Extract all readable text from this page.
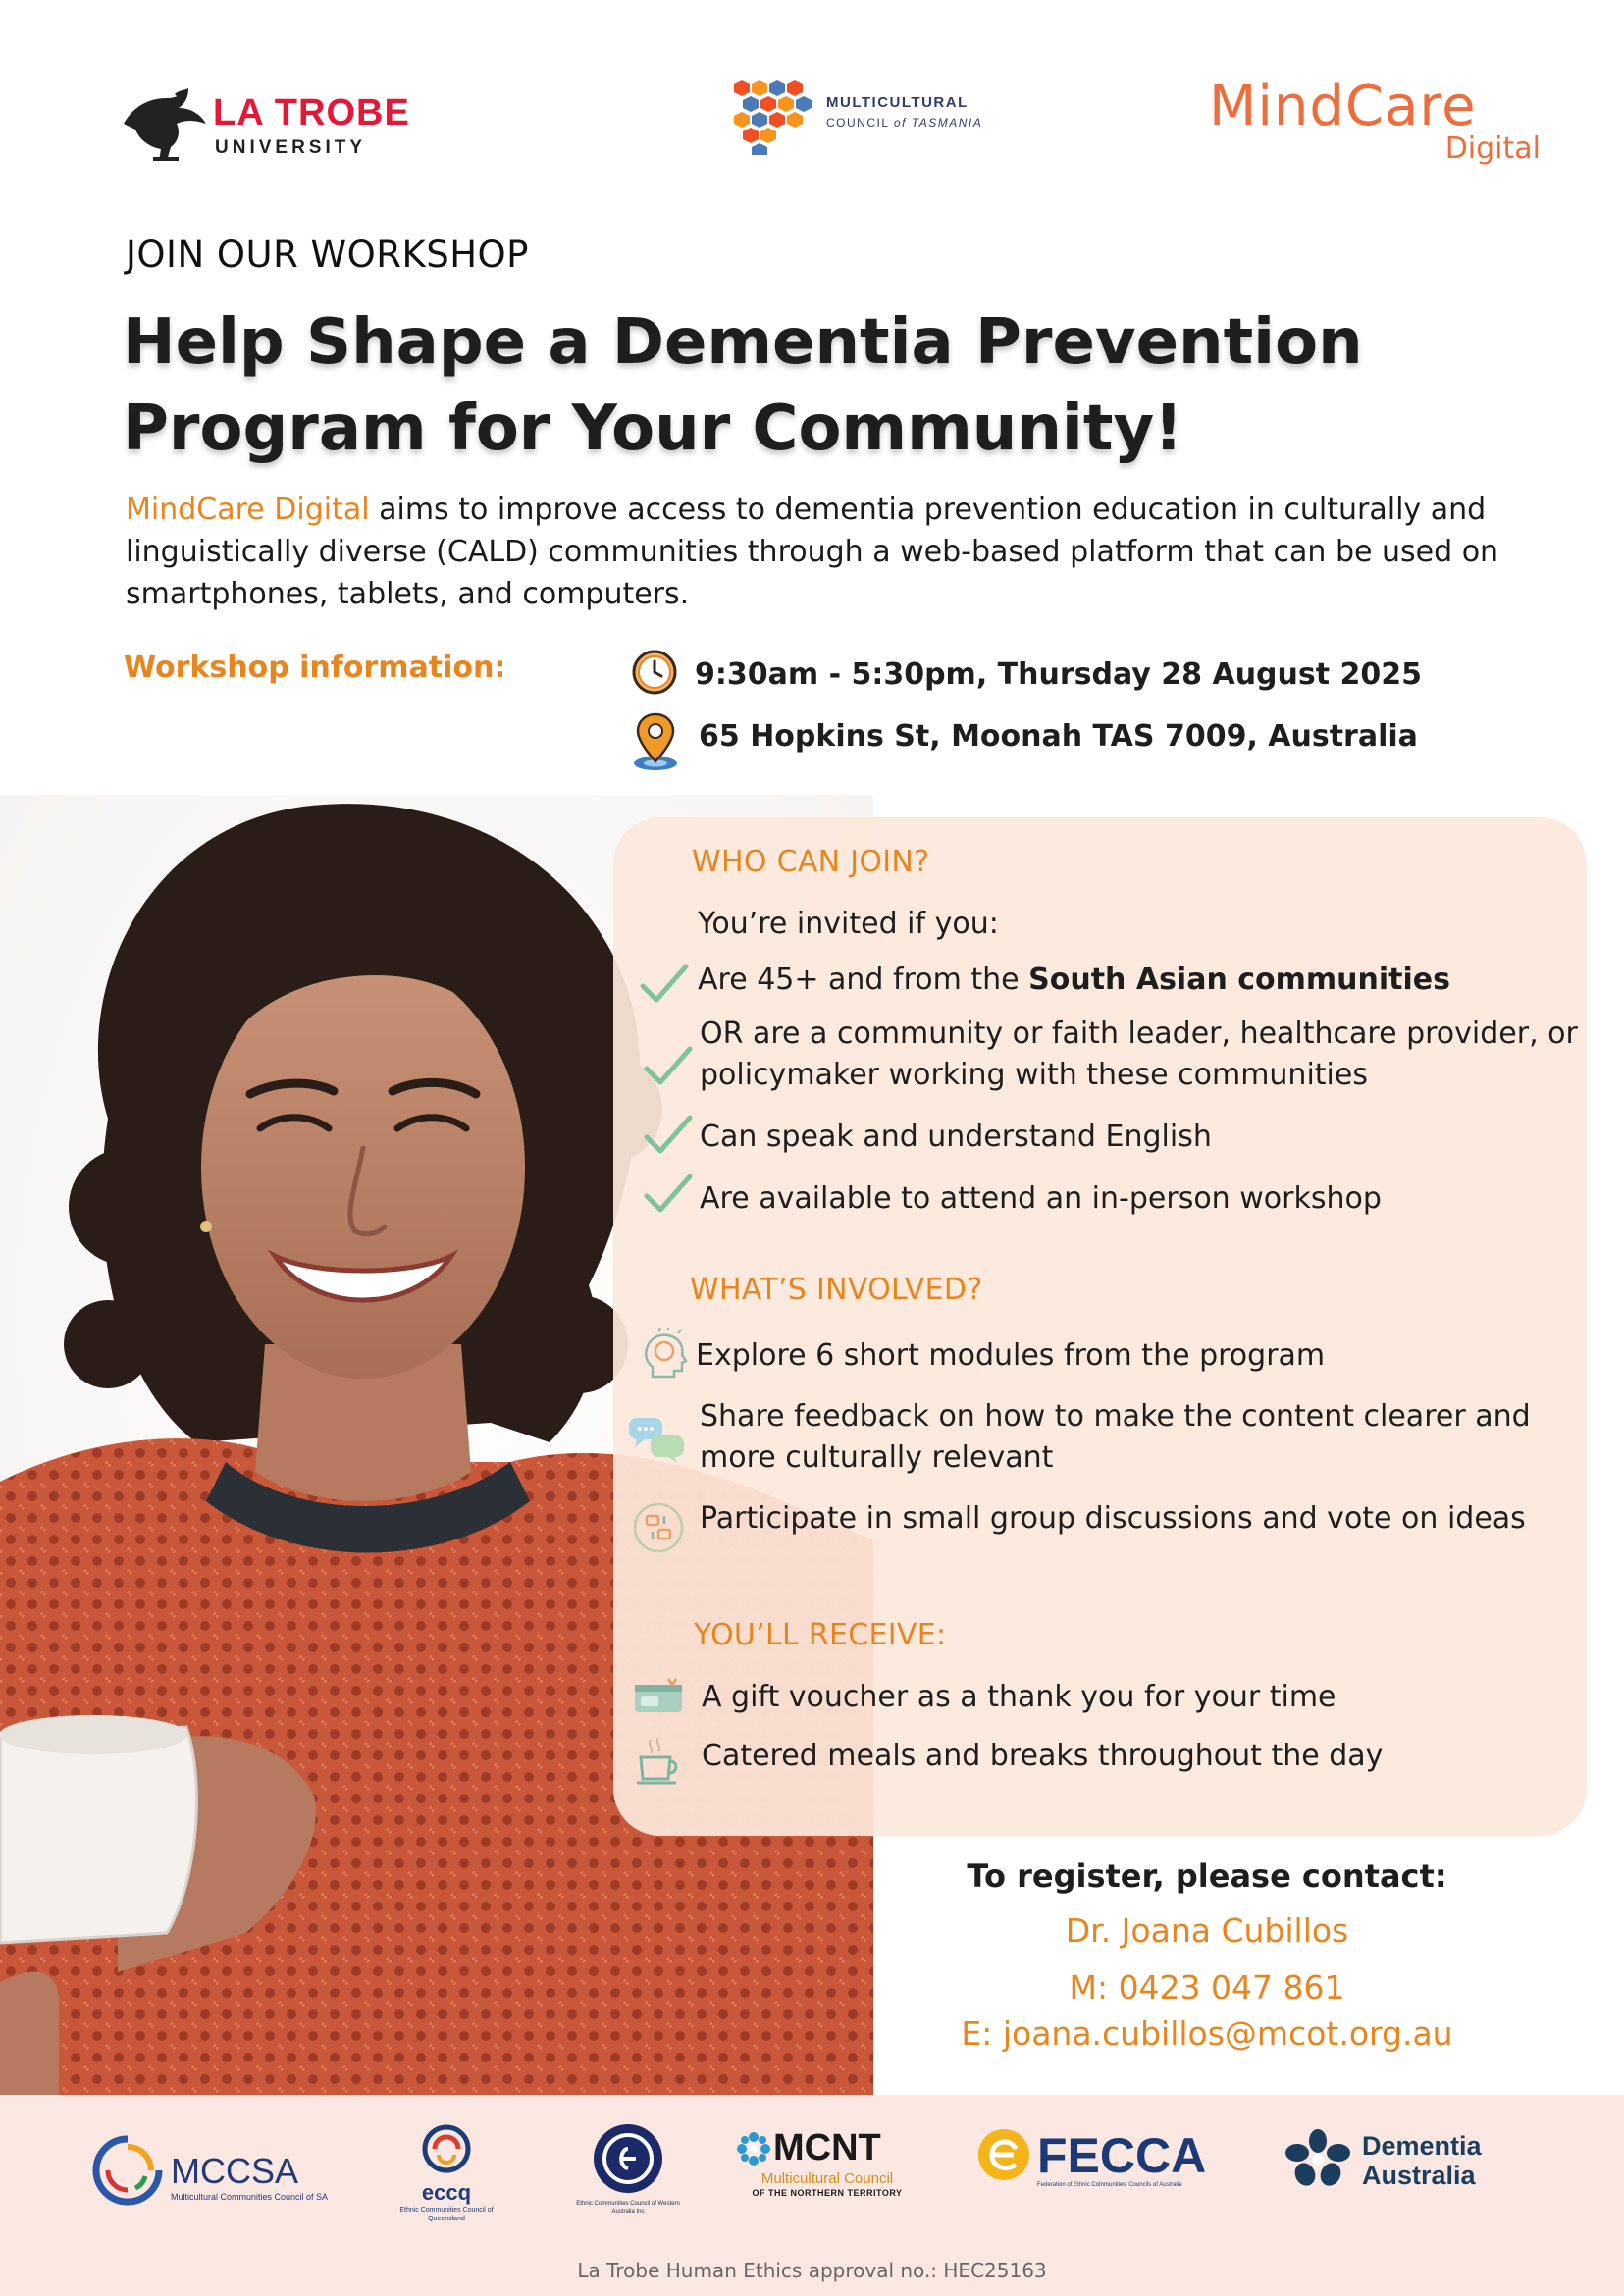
LA TROBE
UNIVERSITY
MULTICULTURAL
COUNCIL of TASMANIA	MindCare
Digital
JOIN OUR WORKSHOP
Help Shape a Dementia Prevention
Program for Your Community!
MindCare Digital aims to improve access to dementia prevention education in culturally and linguistically diverse (CALD) communities through a web-based platform that can be used on smartphones, tablets, and computers.
Workshop information:	9:30am - 5:30pm, Thursday 28 August 2025
65 Hopkins St, Moonah TAS 7009, Australia
WHO CAN JOIN?
You’re invited if you:
Are 45+ and from the South Asian communities
OR are a community or faith leader, healthcare provider, or policymaker working with these communities
Can speak and understand English
Are available to attend an in-person workshop
WHAT’S INVOLVED?
Explore 6 short modules from the program
Share feedback on how to make the content clearer and more culturally relevant
Participate in small group discussions and vote on ideas
YOU’LL RECEIVE:
A gift voucher as a thank you for your time
Catered meals and breaks throughout the day
To register, please contact:
Dr. Joana Cubillos
M: 0423 047 861
E: joana.cubillos@mcot.org.au
MCCSA
Multicultural Communities Council of SA	eccq
Ethnic Communities Council of Queensland
Ethnic Communities Council of Western Australia Inc
MCNT
Multicultural Council
OF THE NORTHERN TERRITORY
FECCA
Federation of Ethnic Communities' Councils of Australia
Dementia
Australia
La Trobe Human Ethics approval no.: HEC25163
